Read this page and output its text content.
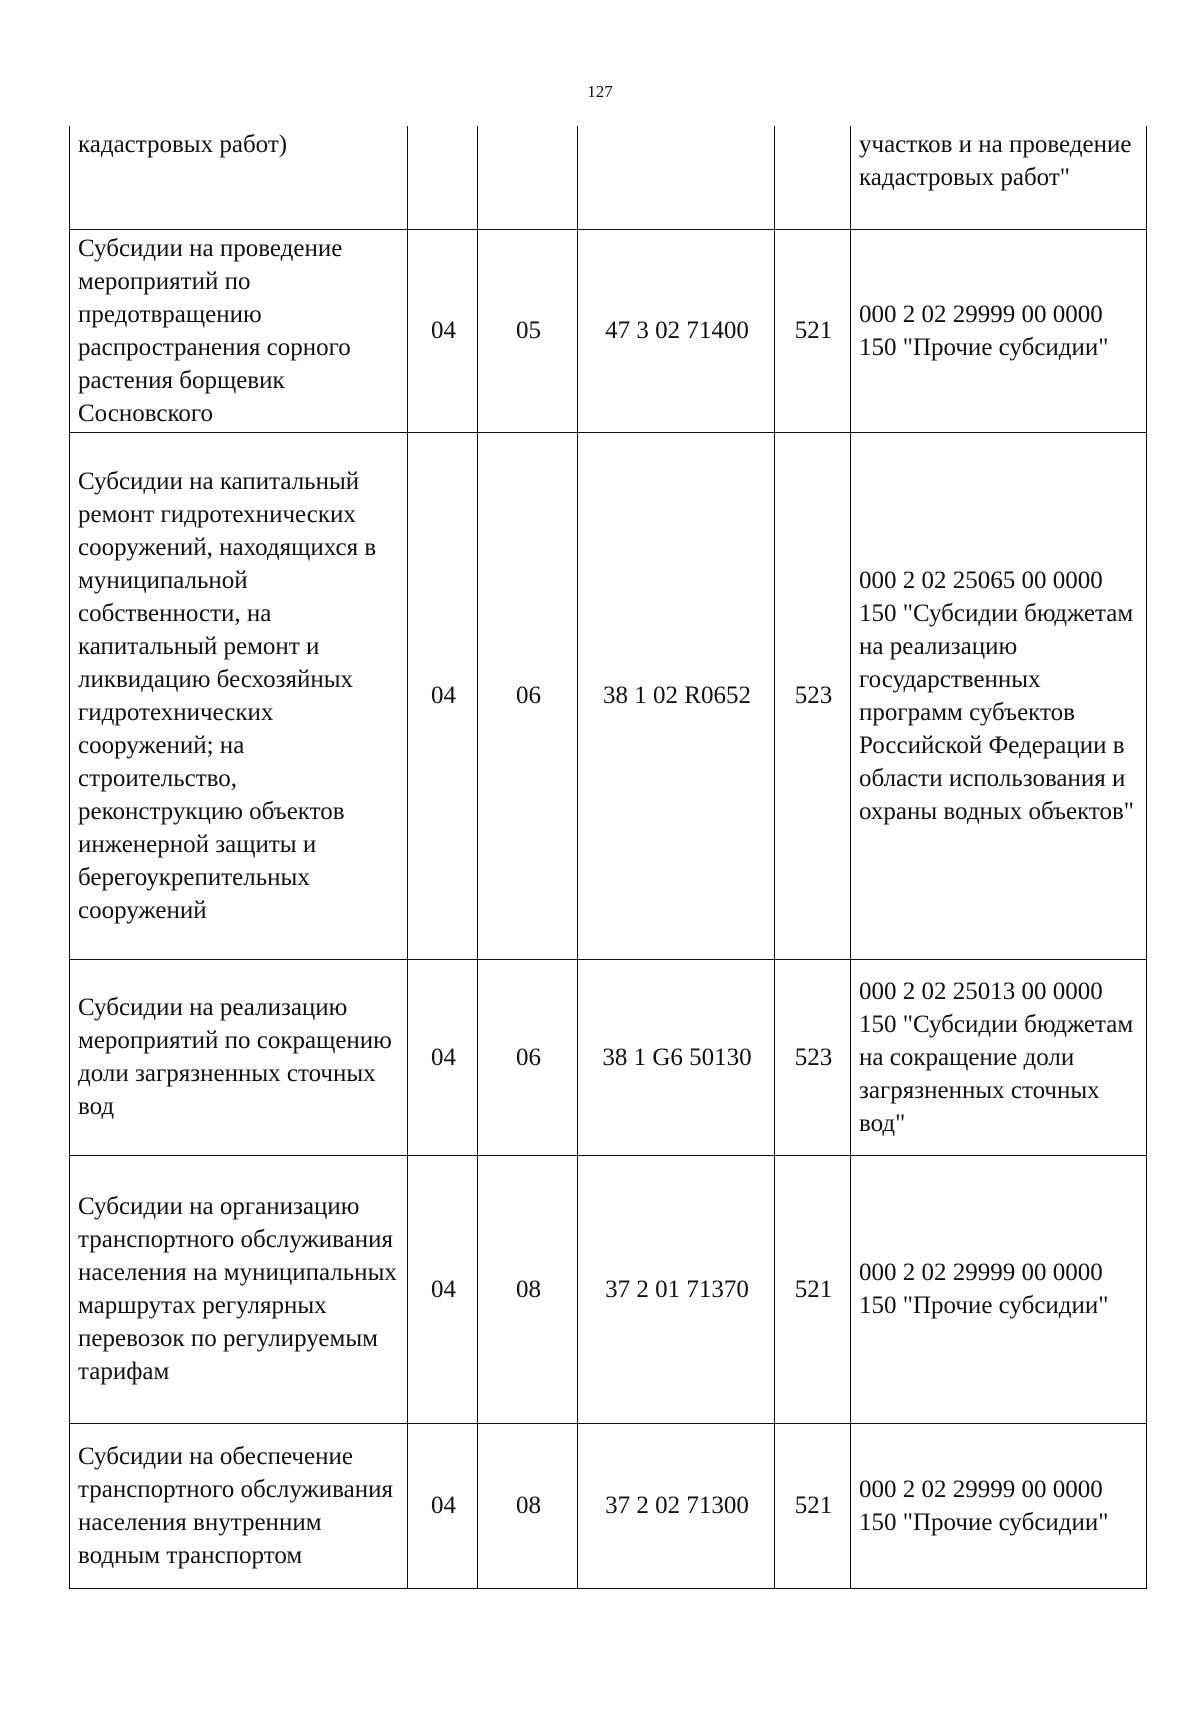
127
кадастровых работ)					участков и на проведение кадастровых работ"
Субсидии на проведение мероприятий по предотвращению распространения сорного растения борщевик Сосновского	04	05	47 3 02 71400	521	000 2 02 29999 00 0000 150 "Прочие субсидии"
Субсидии на капитальный ремонт гидротехнических сооружений, находящихся в муниципальной собственности, на капитальный ремонт и ликвидацию бесхозяйных гидротехнических сооружений; на строительство, реконструкцию объектов инженерной защиты и берегоукрепительных сооружений	04	06	38 1 02 R0652	523	000 2 02 25065 00 0000 150 "Субсидии бюджетам на реализацию государственных программ субъектов Российской Федерации в области использования и охраны водных объектов"
Субсидии на реализацию мероприятий по сокращению доли загрязненных сточных вод	04	06	38 1 G6 50130	523	000 2 02 25013 00 0000 150 "Субсидии бюджетам на сокращение доли загрязненных сточных вод"
Субсидии на организацию транспортного обслуживания населения на муниципальных маршрутах регулярных перевозок по регулируемым тарифам	04	08	37 2 01 71370	521	000 2 02 29999 00 0000 150 "Прочие субсидии"
Субсидии на обеспечение транспортного обслуживания населения внутренним водным транспортом	04	08	37 2 02 71300	521	000 2 02 29999 00 0000 150 "Прочие субсидии"
